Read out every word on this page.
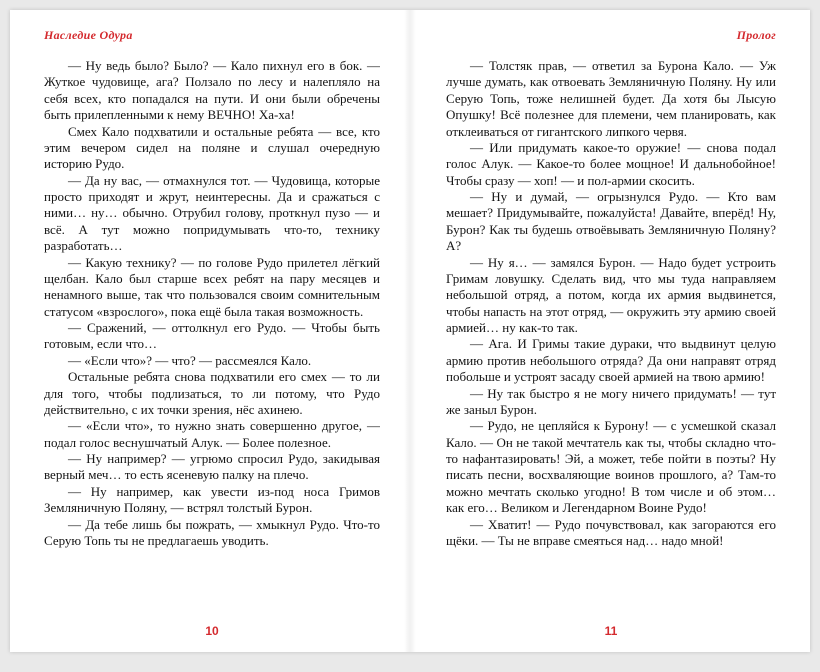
Наследие Одура

— Ну ведь было? Было? — Кало пихнул его в бок. — Жуткое чудовище, ага? Ползало по лесу и налепляло на себя всех, кто попадался на пути. И они были обречены быть прилепленными к нему ВЕЧНО! Ха-ха!

Смех Кало подхватили и остальные ребята — все, кто этим вечером сидел на поляне и слушал очередную историю Рудо.

— Да ну вас, — отмахнулся тот. — Чудовища, которые просто приходят и жрут, неинтересны. Да и сражаться с ними… ну… обычно. Отрубил голову, проткнул пузо — и всё. А тут можно попридумывать что-то, технику разработать…

— Какую технику? — по голове Рудо прилетел лёгкий щелбан. Кало был старше всех ребят на пару месяцев и ненамного выше, так что пользовался своим сомнительным статусом «взрослого», пока ещё была такая возможность.

— Сражений, — оттолкнул его Рудо. — Чтобы быть готовым, если что…

— «Если что»? — что? — рассмеялся Кало.

Остальные ребята снова подхватили его смех — то ли для того, чтобы подлизаться, то ли потому, что Рудо действительно, с их точки зрения, нёс ахинею.

— «Если что», то нужно знать совершенно другое, — подал голос веснушчатый Алук. — Более полезное.

— Ну например? — угрюмо спросил Рудо, закидывая верный меч… то есть ясеневую палку на плечо.

— Ну например, как увести из-под носа Гримов Земляничную Поляну, — встрял толстый Бурон.

— Да тебе лишь бы пожрать, — хмыкнул Рудо. Что-то Серую Топь ты не предлагаешь уводить.

10
Пролог

— Толстяк прав, — ответил за Бурона Кало. — Уж лучше думать, как отвоевать Земляничную Поляну. Ну или Серую Топь, тоже нелишней будет. Да хотя бы Лысую Опушку! Всё полезнее для племени, чем планировать, как отклеиваться от гигантского липкого червя.

— Или придумать какое-то оружие! — снова подал голос Алук. — Какое-то более мощное! И дальнобойное! Чтобы сразу — хоп! — и пол-армии скосить.

— Ну и думай, — огрызнулся Рудо. — Кто вам мешает? Придумывайте, пожалуйста! Давайте, вперёд! Ну, Бурон? Как ты будешь отвоёвывать Земляничную Поляну? А?

— Ну я… — замялся Бурон. — Надо будет устроить Гримам ловушку. Сделать вид, что мы туда направляем небольшой отряд, а потом, когда их армия выдвинется, чтобы напасть на этот отряд, — окружить эту армию своей армией… ну как-то так.

— Ага. И Гримы такие дураки, что выдвинут целую армию против небольшого отряда? Да они направят отряд побольше и устроят засаду своей армией на твою армию!

— Ну так быстро я не могу ничего придумать! — тут же заныл Бурон.

— Рудо, не цепляйся к Бурону! — с усмешкой сказал Кало. — Он не такой мечтатель как ты, чтобы складно что-то нафантазировать! Эй, а может, тебе пойти в поэты? Ну писать песни, восхваляющие воинов прошлого, а? Там-то можно мечтать сколько угодно! В том числе и об этом… как его… Великом и Легендарном Воине Рудо!

— Хватит! — Рудо почувствовал, как загораются его щёки. — Ты не вправе смеяться над… надо мной!

11
